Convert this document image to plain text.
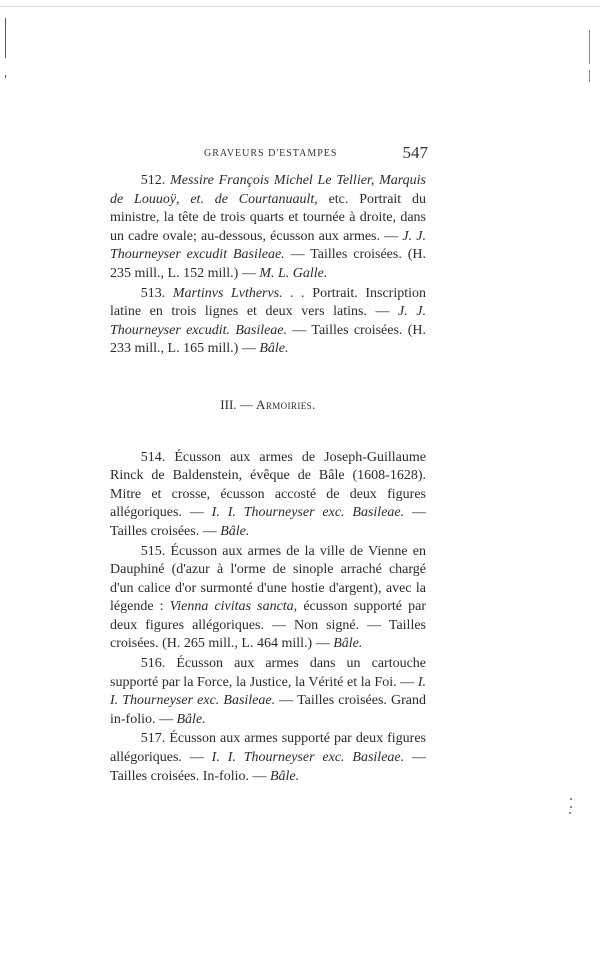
GRAVEURS D'ESTAMPES	547

512. Messire François Michel Le Tellier, Marquis de Louuoÿ, et. de Courtanuault, etc. Portrait du ministre, la tête de trois quarts et tournée à droite, dans un cadre ovale; au-dessous, écusson aux armes. — J. J. Thourneyser excudit Basileae. — Tailles croisées. (H. 235 mill., L. 152 mill.) — M. L. Galle.

513. Martinvs Lvthervs. . . Portrait. Inscription latine en trois lignes et deux vers latins. — J. J. Thourneyser excudit. Basileae. — Tailles croisées. (H. 233 mill., L. 165 mill.) — Bâle.

III. — Armoiries.

514. Écusson aux armes de Joseph-Guillaume Rinck de Baldenstein, évêque de Bâle (1608-1628). Mitre et crosse, écusson accosté de deux figures allégoriques. — I. I. Thourneyser exc. Basileae. — Tailles croisées. — Bâle.

515. Écusson aux armes de la ville de Vienne en Dauphiné (d'azur à l'orme de sinople arraché chargé d'un calice d'or surmonté d'une hostie d'argent), avec la légende : Vienna civitas sancta, écusson supporté par deux figures allégoriques. — Non signé. — Tailles croisées. (H. 265 mill., L. 464 mill.) — Bâle.

516. Écusson aux armes dans un cartouche supporté par la Force, la Justice, la Vérité et la Foi. — I. I. Thourneyser exc. Basileae. — Tailles croisées. Grand in-folio. — Bâle.

517. Écusson aux armes supporté par deux figures allégoriques. — I. I. Thourneyser exc. Basileae. — Tailles croisées. In-folio. — Bâle.
